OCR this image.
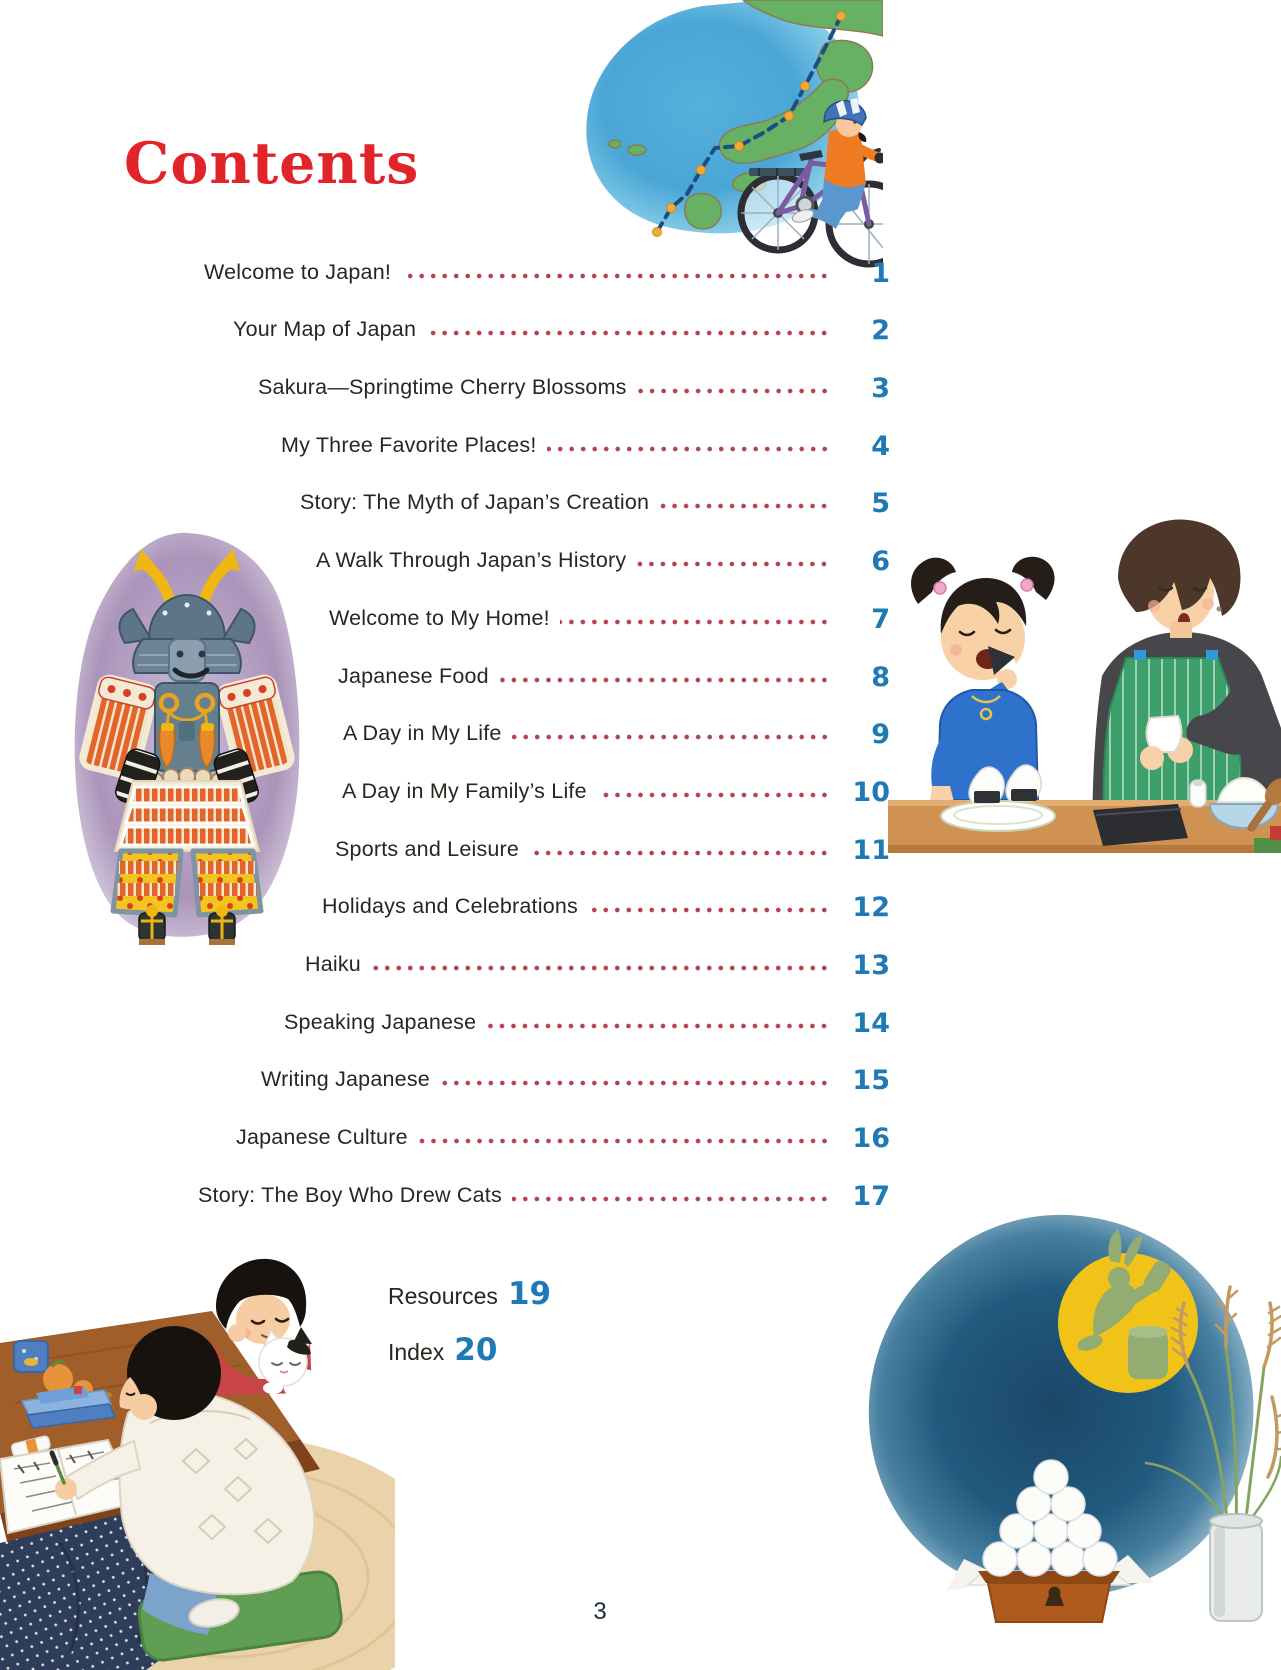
Contents
Welcome to Japan!	1
Your Map of Japan	2
Sakura—Springtime Cherry Blossoms	3
My Three Favorite Places!	4
Story: The Myth of Japan’s Creation	5
A Walk Through Japan’s History	6
Welcome to My Home!	7
Japanese Food	8
A Day in My Life	9
A Day in My Family’s Life	10
Sports and Leisure	11
Holidays and Celebrations	12
Haiku	13
Speaking Japanese	14
Writing Japanese	15
Japanese Culture	16
Story: The Boy Who Drew Cats	17
Resources 19
Index 20
3
